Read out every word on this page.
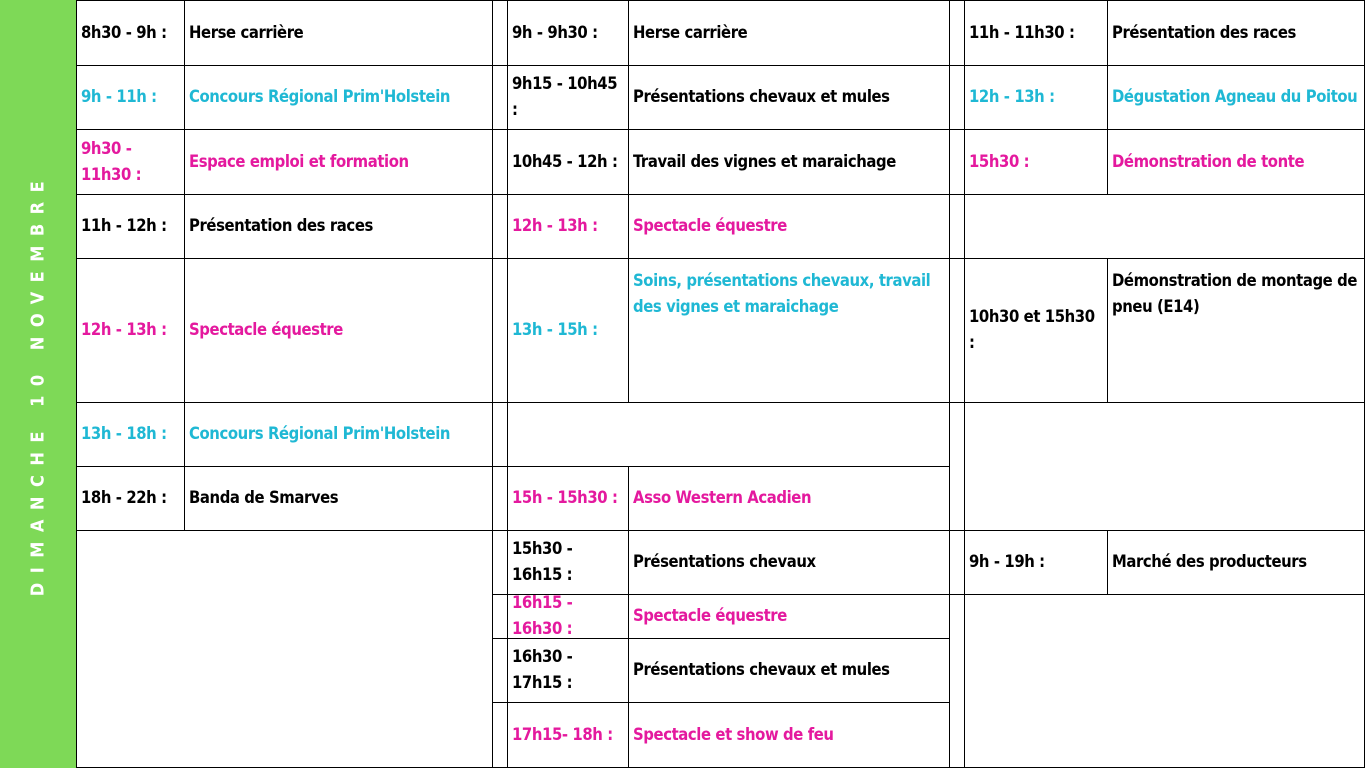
DIMANCHE 10 NOVEMBRE
8h30 - 9h :	Herse carrière
9h - 11h :	Concours Régional Prim'Holstein
9h30 - 11h30 :
Espace emploi et formation
11h - 12h :	Présentation des races
12h - 13h :	Spectacle équestre
13h - 18h :	Concours Régional Prim'Holstein
18h - 22h :	Banda de Smarves
9h - 9h30 :	Herse carrière
9h15 - 10h45 :
Présentations chevaux et mules
10h45 - 12h : Travail des vignes et maraichage
12h - 13h :	Spectacle équestre
13h - 15h :
Soins, présentations chevaux, travail des vignes et maraichage
15h - 15h30 : Asso Western Acadien
15h30 - 16h15 :
Présentations chevaux
16h15 - 16h30 :
Spectacle équestre
16h30 - 17h15 :
Présentations chevaux et mules
17h15- 18h :	Spectacle et show de feu
11h - 11h30 :	Présentation des races
12h - 13h :	Dégustation Agneau du Poitou
15h30 :	Démonstration de tonte
10h30 et 15h30 :
Démonstration de montage de pneu (E14)
9h - 19h :	Marché des producteurs
